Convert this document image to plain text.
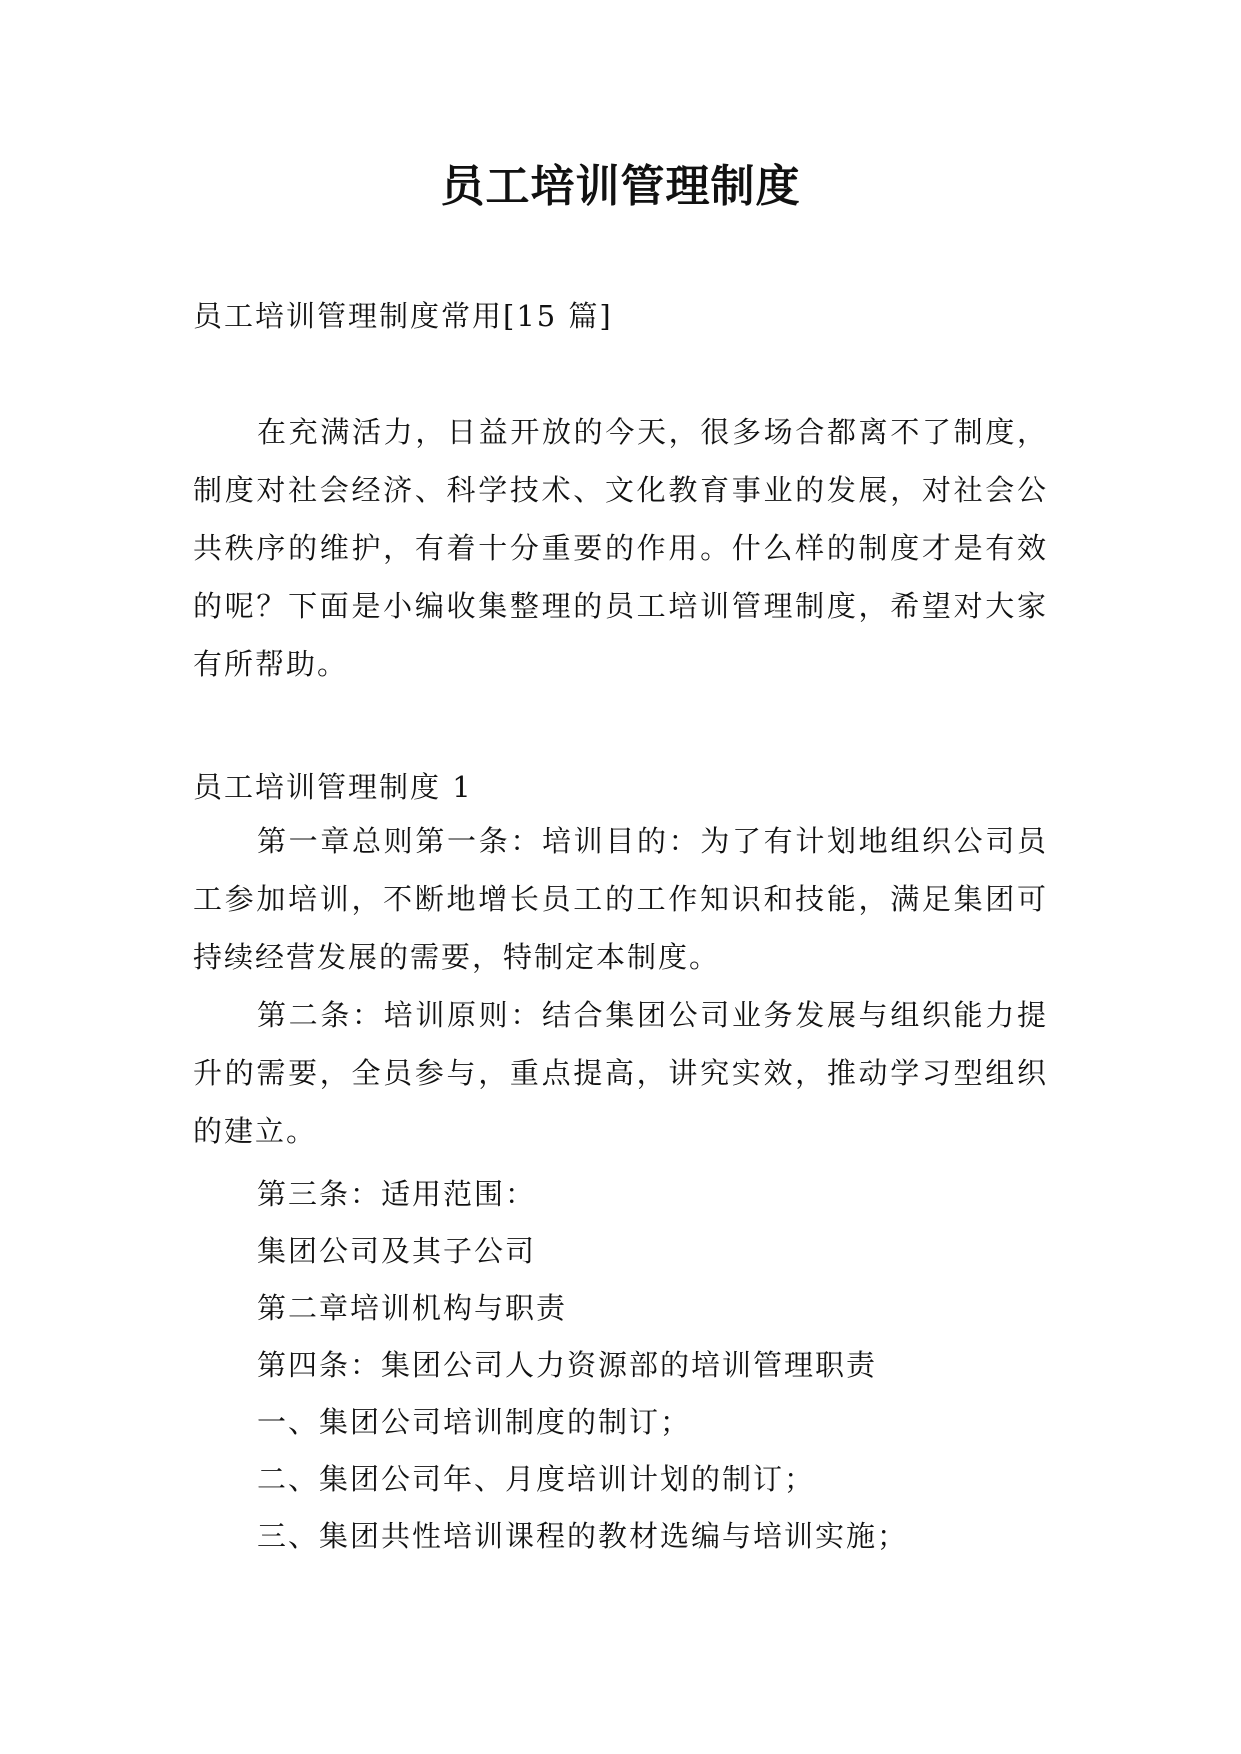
员工培训管理制度

员工培训管理制度常用[15 篇]

在充满活力，日益开放的今天，很多场合都离不了制度，制度对社会经济、科学技术、文化教育事业的发展，对社会公共秩序的维护，有着十分重要的作用。什么样的制度才是有效的呢？下面是小编收集整理的员工培训管理制度，希望对大家有所帮助。

员工培训管理制度 1

第一章总则第一条：培训目的：为了有计划地组织公司员工参加培训，不断地增长员工的工作知识和技能，满足集团可持续经营发展的需要，特制定本制度。

第二条：培训原则：结合集团公司业务发展与组织能力提升的需要，全员参与，重点提高，讲究实效，推动学习型组织的建立。

第三条：适用范围：

集团公司及其子公司

第二章培训机构与职责

第四条：集团公司人力资源部的培训管理职责

一、集团公司培训制度的制订；

二、集团公司年、月度培训计划的制订；

三、集团共性培训课程的教材选编与培训实施；
